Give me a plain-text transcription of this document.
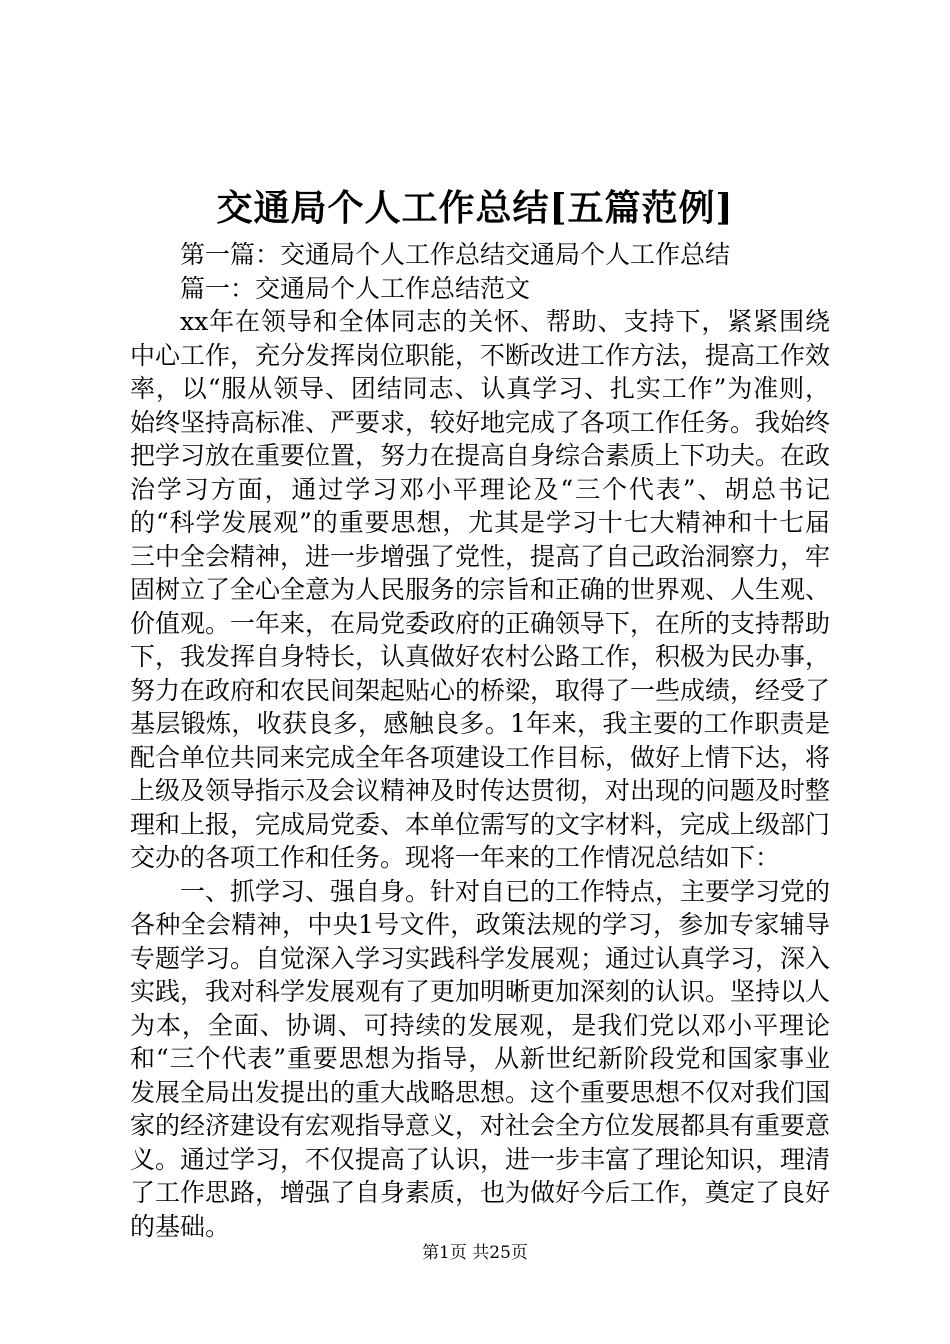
交通局个人工作总结[五篇范例]

第一篇：交通局个人工作总结交通局个人工作总结

篇一：交通局个人工作总结范文

xx年在领导和全体同志的关怀、帮助、支持下，紧紧围绕中心工作，充分发挥岗位职能，不断改进工作方法，提高工作效率，以“服从领导、团结同志、认真学习、扎实工作”为准则，始终坚持高标准、严要求，较好地完成了各项工作任务。我始终把学习放在重要位置，努力在提高自身综合素质上下功夫。在政治学习方面，通过学习邓小平理论及“三个代表”、胡总书记的“科学发展观”的重要思想，尤其是学习十七大精神和十七届三中全会精神，进一步增强了党性，提高了自己政治洞察力，牢固树立了全心全意为人民服务的宗旨和正确的世界观、人生观、价值观。一年来，在局党委政府的正确领导下，在所的支持帮助下，我发挥自身特长，认真做好农村公路工作，积极为民办事，努力在政府和农民间架起贴心的桥梁，取得了一些成绩，经受了基层锻炼，收获良多，感触良多。1年来，我主要的工作职责是配合单位共同来完成全年各项建设工作目标，做好上情下达，将上级及领导指示及会议精神及时传达贯彻，对出现的问题及时整理和上报，完成局党委、本单位需写的文字材料，完成上级部门交办的各项工作和任务。现将一年来的工作情况总结如下：

一、抓学习、强自身。针对自已的工作特点，主要学习党的各种全会精神，中央1号文件，政策法规的学习，参加专家辅导专题学习。自觉深入学习实践科学发展观；通过认真学习，深入实践，我对科学发展观有了更加明晰更加深刻的认识。坚持以人为本，全面、协调、可持续的发展观，是我们党以邓小平理论和“三个代表”重要思想为指导，从新世纪新阶段党和国家事业发展全局出发提出的重大战略思想。这个重要思想不仅对我们国家的经济建设有宏观指导意义，对社会全方位发展都具有重要意义。通过学习，不仅提高了认识，进一步丰富了理论知识，理清了工作思路，增强了自身素质，也为做好今后工作，奠定了良好的基础。

第1页 共25页
